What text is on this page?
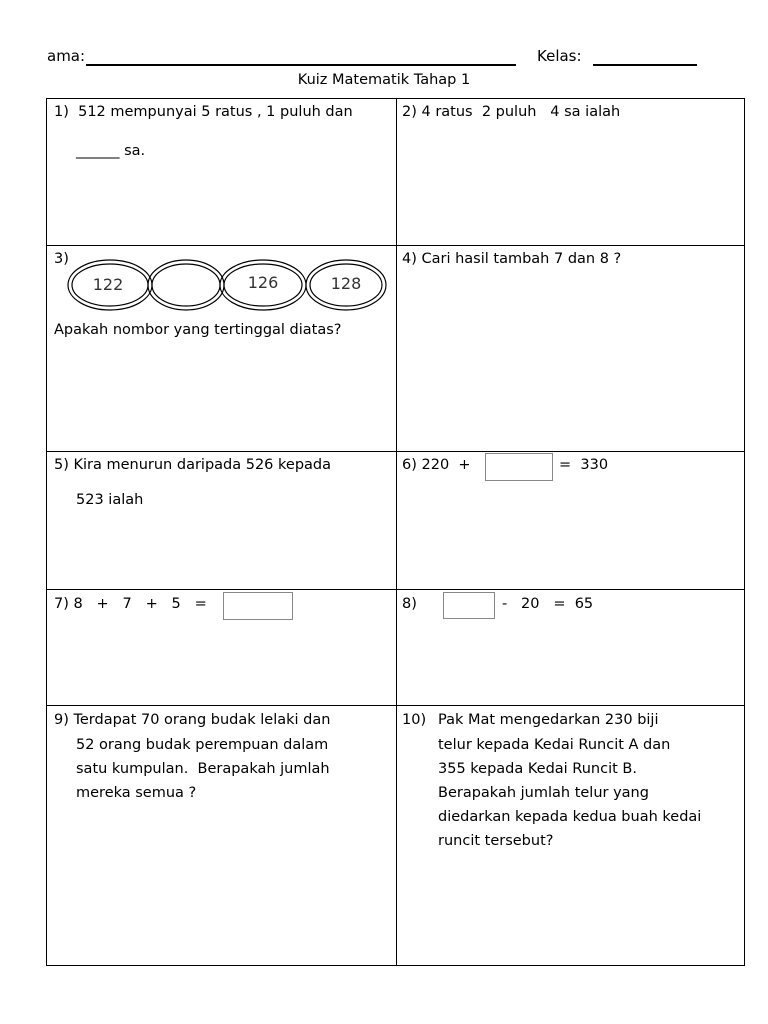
ama:	Kelas:
Kuiz Matematik Tahap 1
1)  512 mempunyai 5 ratus , 1 puluh dan
______ sa.
2) 4 ratus  2 puluh   4 sa ialah
3)
122	126	128
Apakah nombor yang tertinggal diatas?
4) Cari hasil tambah 7 dan 8 ?
5) Kira menurun daripada 526 kepada
523 ialah
6) 220  +	=  330
7) 8   +   7   +   5   =	8)	-   20   =  65
9) Terdapat 70 orang budak lelaki dan
52 orang budak perempuan dalam
satu kumpulan.  Berapakah jumlah
mereka semua ?
10) Pak Mat mengedarkan 230 biji
telur kepada Kedai Runcit A dan
355 kepada Kedai Runcit B.
Berapakah jumlah telur yang
diedarkan kepada kedua buah kedai
runcit tersebut?
